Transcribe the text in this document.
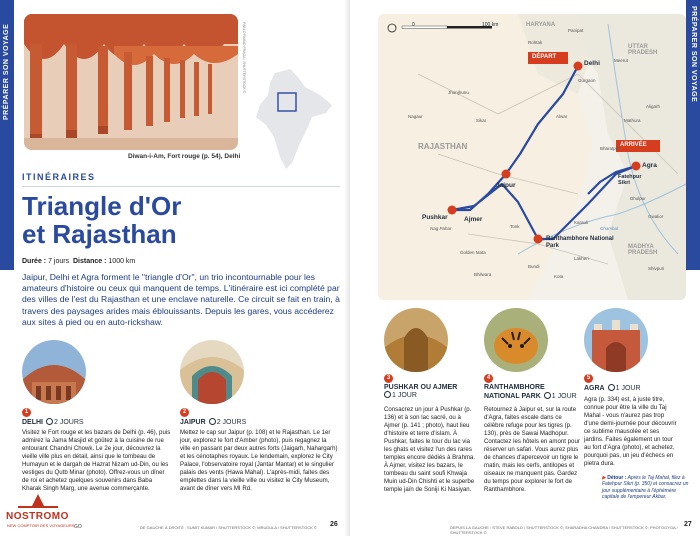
PRÉPARER SON VOYAGE
ITINÉRAIRES	Diwan-i-Am, Fort rouge (p. 54), Delhi
PABLO RUBIO FRAGA / SHUTTERSTOCK ©
ITINÉRAIRES
Triangle d'Or
et Rajasthan
Durée : 7 jours Distance : 1000 km

Jaipur, Delhi et Agra forment le "triangle d'Or", un trio incontournable pour les amateurs d'histoire ou ceux qui manquent de temps. L'itinéraire est ici complété par des villes de l'est du Rajasthan et une enclave naturelle. Ce circuit se fait en train, à travers des paysages arides mais éblouissants. Depuis les gares, vous accéderez aux sites à pied ou en auto-rickshaw.

1
DELHI 2 JOURS

Visitez le Fort rouge et les bazars de Delhi (p. 46), puis admirez la Jama Masjid et goûtez à la cuisine de rue entourant Chandni Chowk. Le 2e jour, découvrez la vieille ville plus en détail, ainsi que le tombeau de Humayun et le dargah de Hazrat Nizam ud-Din, ou les vestiges du Qutb Minar (photo). Offrez-vous un dîner de roi et achetez quelques souvenirs dans Baba Kharak Singh Marg, une avenue commerçante.

2
JAIPUR 2 JOURS

Mettez le cap sur Jaipur (p. 108) et le Rajasthan. Le 1er jour, explorez le fort d'Amber (photo), puis regagnez la ville en passant par deux autres forts (Jaigarh, Nahargarh) et les cénotaphes royaux. Le lendemain, explorez le City Palace, l'observatoire royal (Jantar Mantar) et le singulier palais des vents (Hawa Mahal). L'après-midi, faites des emplettes dans la vieille ville ou visitez le City Museum, avant de dîner vers MI Rd.

NOSTROMO
NEW COMPTOIR DES VOYAGEURS GO	DE GAUCHE À DROITE : SUMIT KUMAR / SHUTTERSTOCK ©; MRUDULA / SHUTTERSTOCK © 26
PRÉPARER SON VOYAGE
ITINÉRAIRES
0	100 km	HARYANA
UTTAR PRADESH
RAJASTHAN
MADHYA PRADESH
DÉPART
ARRIVÉE
Delhi
Jaipur
Ajmer
Pushkar
Agra
Fatehpur Sikri
Ranthambhore National Park
Rohtak
Panipat
Meerut
Aligarh
Sikar
Alwar
Bharatpur
Gwalior
Kota
Bundi
Tonk
Bhilwara
Nag Pahar
Gurgaon
Mathura
Dholpur
Lakheri
Nagaur
Shivpuri
Jhunjhunu
Chambal
Karauli
Golden Mata
3
PUSHKAR OU AJMER
1 JOUR

Consacrez un jour à Pushkar (p. 136) et à son lac sacré, ou à Ajmer (p. 141 ; photo), haut lieu d'histoire et terre d'islam. À Pushkar, faites le tour du lac via les ghats et visitez l'un des rares temples encore dédiés à Brahma. À Ajmer, visitez les bazars, le tombeau du saint soufi Khwaja Muin ud-Din Chishti et le superbe temple jaïn de Soniji Ki Nasiyan.

4
RANTHAMBHORE NATIONAL PARK 1 JOUR

Retournez à Jaipur et, sur la route d'Agra, faites escale dans ce célèbre refuge pour les tigres (p. 130), près de Sawai Madhopur. Contactez les hôtels en amont pour réserver un safari. Vous aurez plus de chances d'apercevoir un tigre le matin, mais les cerfs, antilopes et oiseaux ne manquent pas. Gardez du temps pour explorer le fort de Ranthambhore.

5
AGRA 1 JOUR

Agra (p. 334) est, à juste titre, connue pour être la ville du Taj Mahal - vous n'aurez pas trop d'une demi-journée pour découvrir ce sublime mausolée et ses jardins. Faites également un tour au fort d'Agra (photo), et achetez, pourquoi pas, un jeu d'échecs en pietra dura.

▶ Détour : Après le Taj Mahal, filez à Fatehpur Sikri (p. 350) et consacrez un jour supplémentaire à l'éphémère capitale de l'empereur Akbar.

DEPUIS LA GAUCHE : STEVE RABOLD / SHUTTERSTOCK ©; SHARADHA CHANDRA / SHUTTERSTOCK ©; PHOTOGYGA / SHUTTERSTOCK ©
27
